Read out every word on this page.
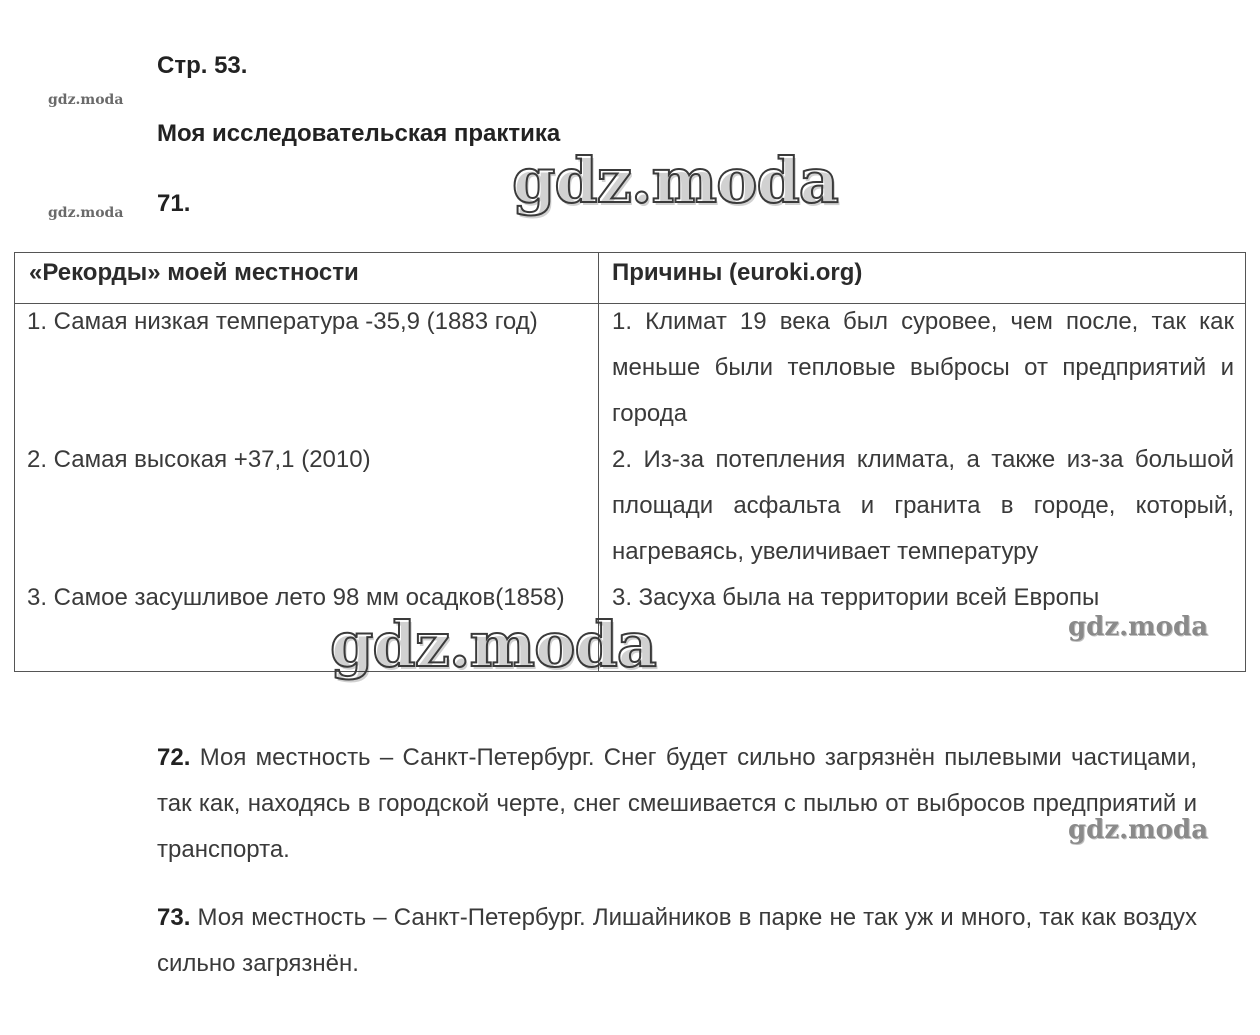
Стр. 53.
Моя исследовательская практика
71.
gdz.moda
gdz.moda
«Рекорды» моей местности	Причины (euroki.org)
1. Самая низкая температура -35,9 (1883 год)	1. Климат 19 века был суровее, чем после, так как меньше были тепловые выбросы от предприятий и города
2. Самая высокая +37,1 (2010)	2. Из-за потепления климата, а также из-за большой площади асфальта и гранита в городе, который, нагреваясь, увеличивает температуру
3. Самое засушливое лето 98 мм осадков(1858)	3. Засуха была на территории всей Европы
72. Моя местность – Санкт-Петербург. Снег будет сильно загрязнён пылевыми частицами, так как, находясь в городской черте, снег смешивается с пылью от выбросов предприятий и транспорта.
73. Моя местность – Санкт-Петербург. Лишайников в парке не так уж и много, так как воздух сильно загрязнён.
gdz.moda
gdz.moda	gdz.moda
gdz.moda
